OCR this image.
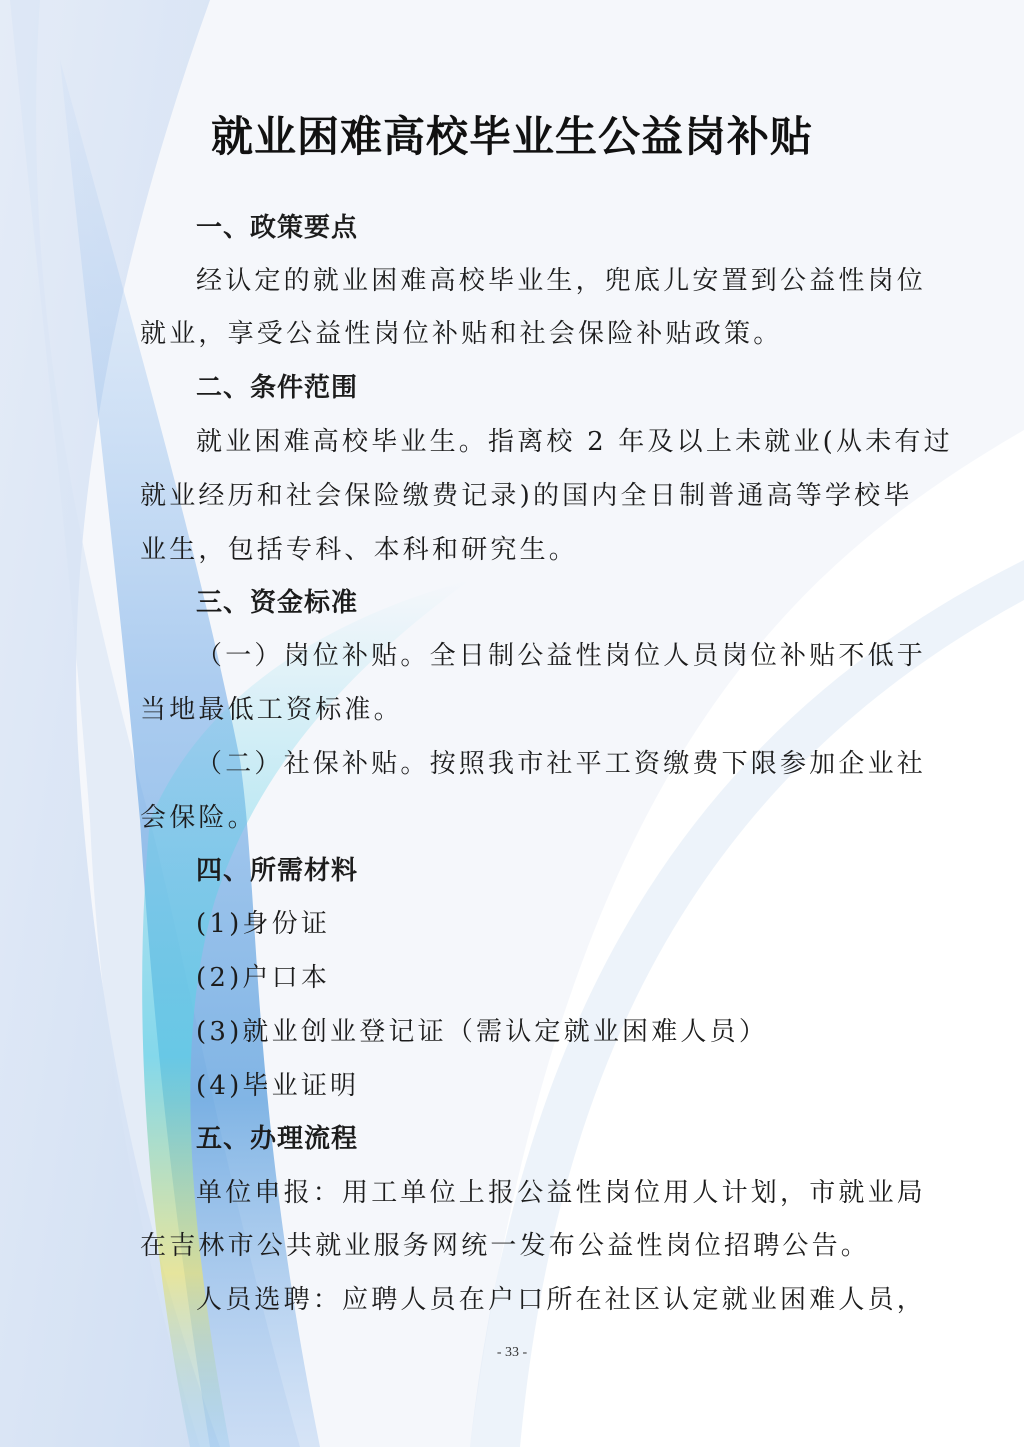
就业困难高校毕业生公益岗补贴
一、政策要点
经认定的就业困难高校毕业生，兜底儿安置到公益性岗位
就业，享受公益性岗位补贴和社会保险补贴政策。
二、条件范围
就业困难高校毕业生。指离校 2 年及以上未就业(从未有过
就业经历和社会保险缴费记录)的国内全日制普通高等学校毕
业生，包括专科、本科和研究生。
三、资金标准
（一）岗位补贴。全日制公益性岗位人员岗位补贴不低于
当地最低工资标准。
（二）社保补贴。按照我市社平工资缴费下限参加企业社
会保险。
四、所需材料
(1)身份证
(2)户口本
(3)就业创业登记证（需认定就业困难人员）
(4)毕业证明
五、办理流程
单位申报：用工单位上报公益性岗位用人计划，市就业局
在吉林市公共就业服务网统一发布公益性岗位招聘公告。
人员选聘：应聘人员在户口所在社区认定就业困难人员，
- 33 -
